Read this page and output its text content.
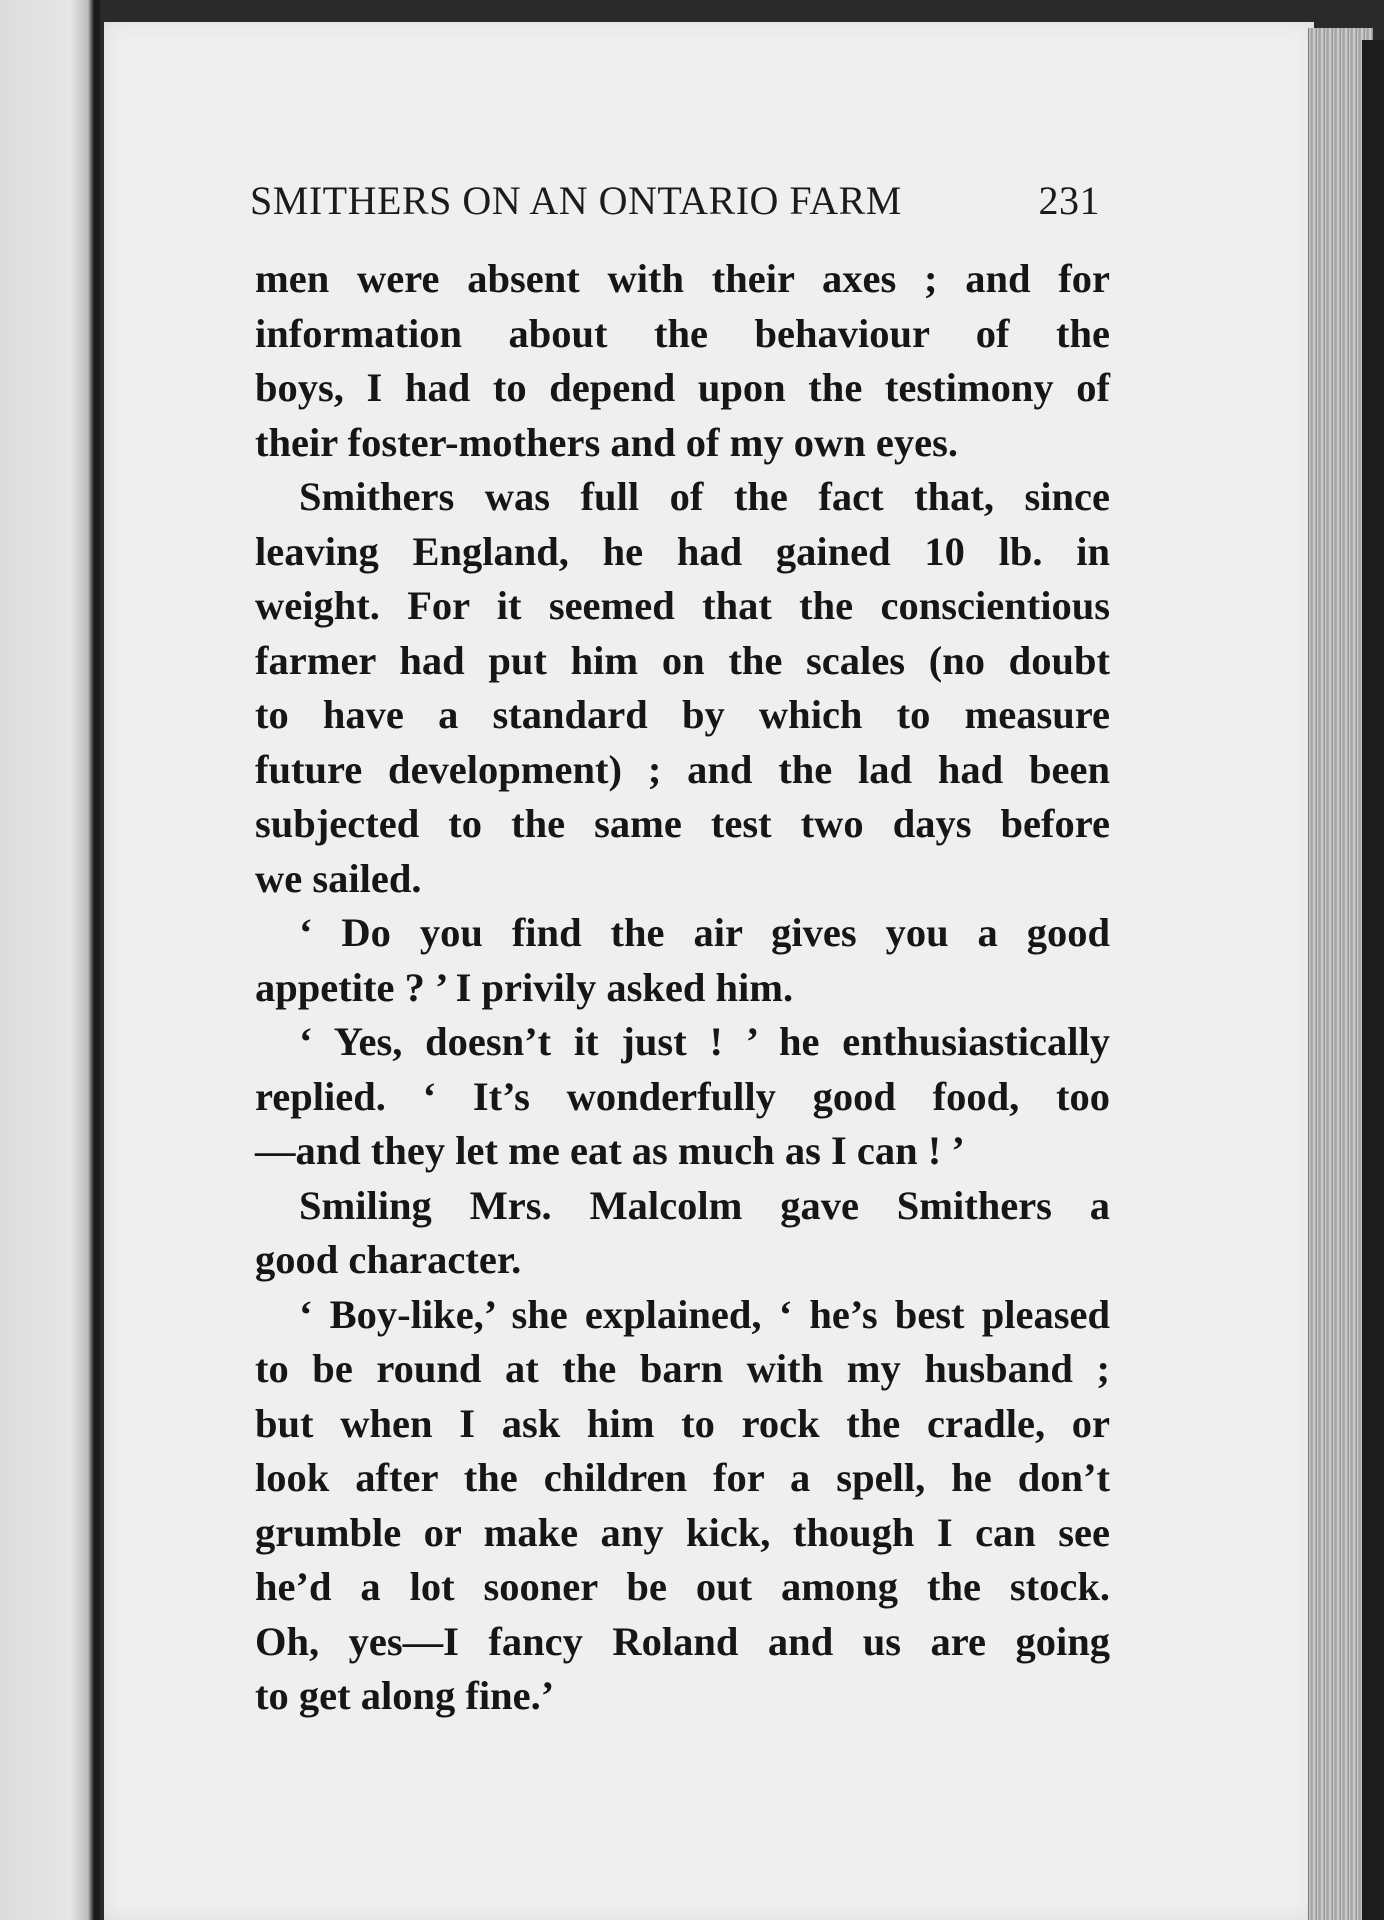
SMITHERS ON AN ONTARIO FARM	231
men were absent with their axes ; and for
information about the behaviour of the
boys, I had to depend upon the testimony of
their foster-mothers and of my own eyes.
Smithers was full of the fact that, since
leaving England, he had gained 10 lb. in
weight. For it seemed that the conscientious
farmer had put him on the scales (no doubt
to have a standard by which to measure
future development) ; and the lad had been
subjected to the same test two days before
we sailed.
‘ Do you find the air gives you a good
appetite ? ’ I privily asked him.
‘ Yes, doesn’t it just ! ’ he enthusiastically
replied. ‘ It’s wonderfully good food, too
—and they let me eat as much as I can ! ’
Smiling Mrs. Malcolm gave Smithers a
good character.
‘ Boy-like,’ she explained, ‘ he’s best pleased
to be round at the barn with my husband ;
but when I ask him to rock the cradle, or
look after the children for a spell, he don’t
grumble or make any kick, though I can see
he’d a lot sooner be out among the stock.
Oh, yes—I fancy Roland and us are going
to get along fine.’
